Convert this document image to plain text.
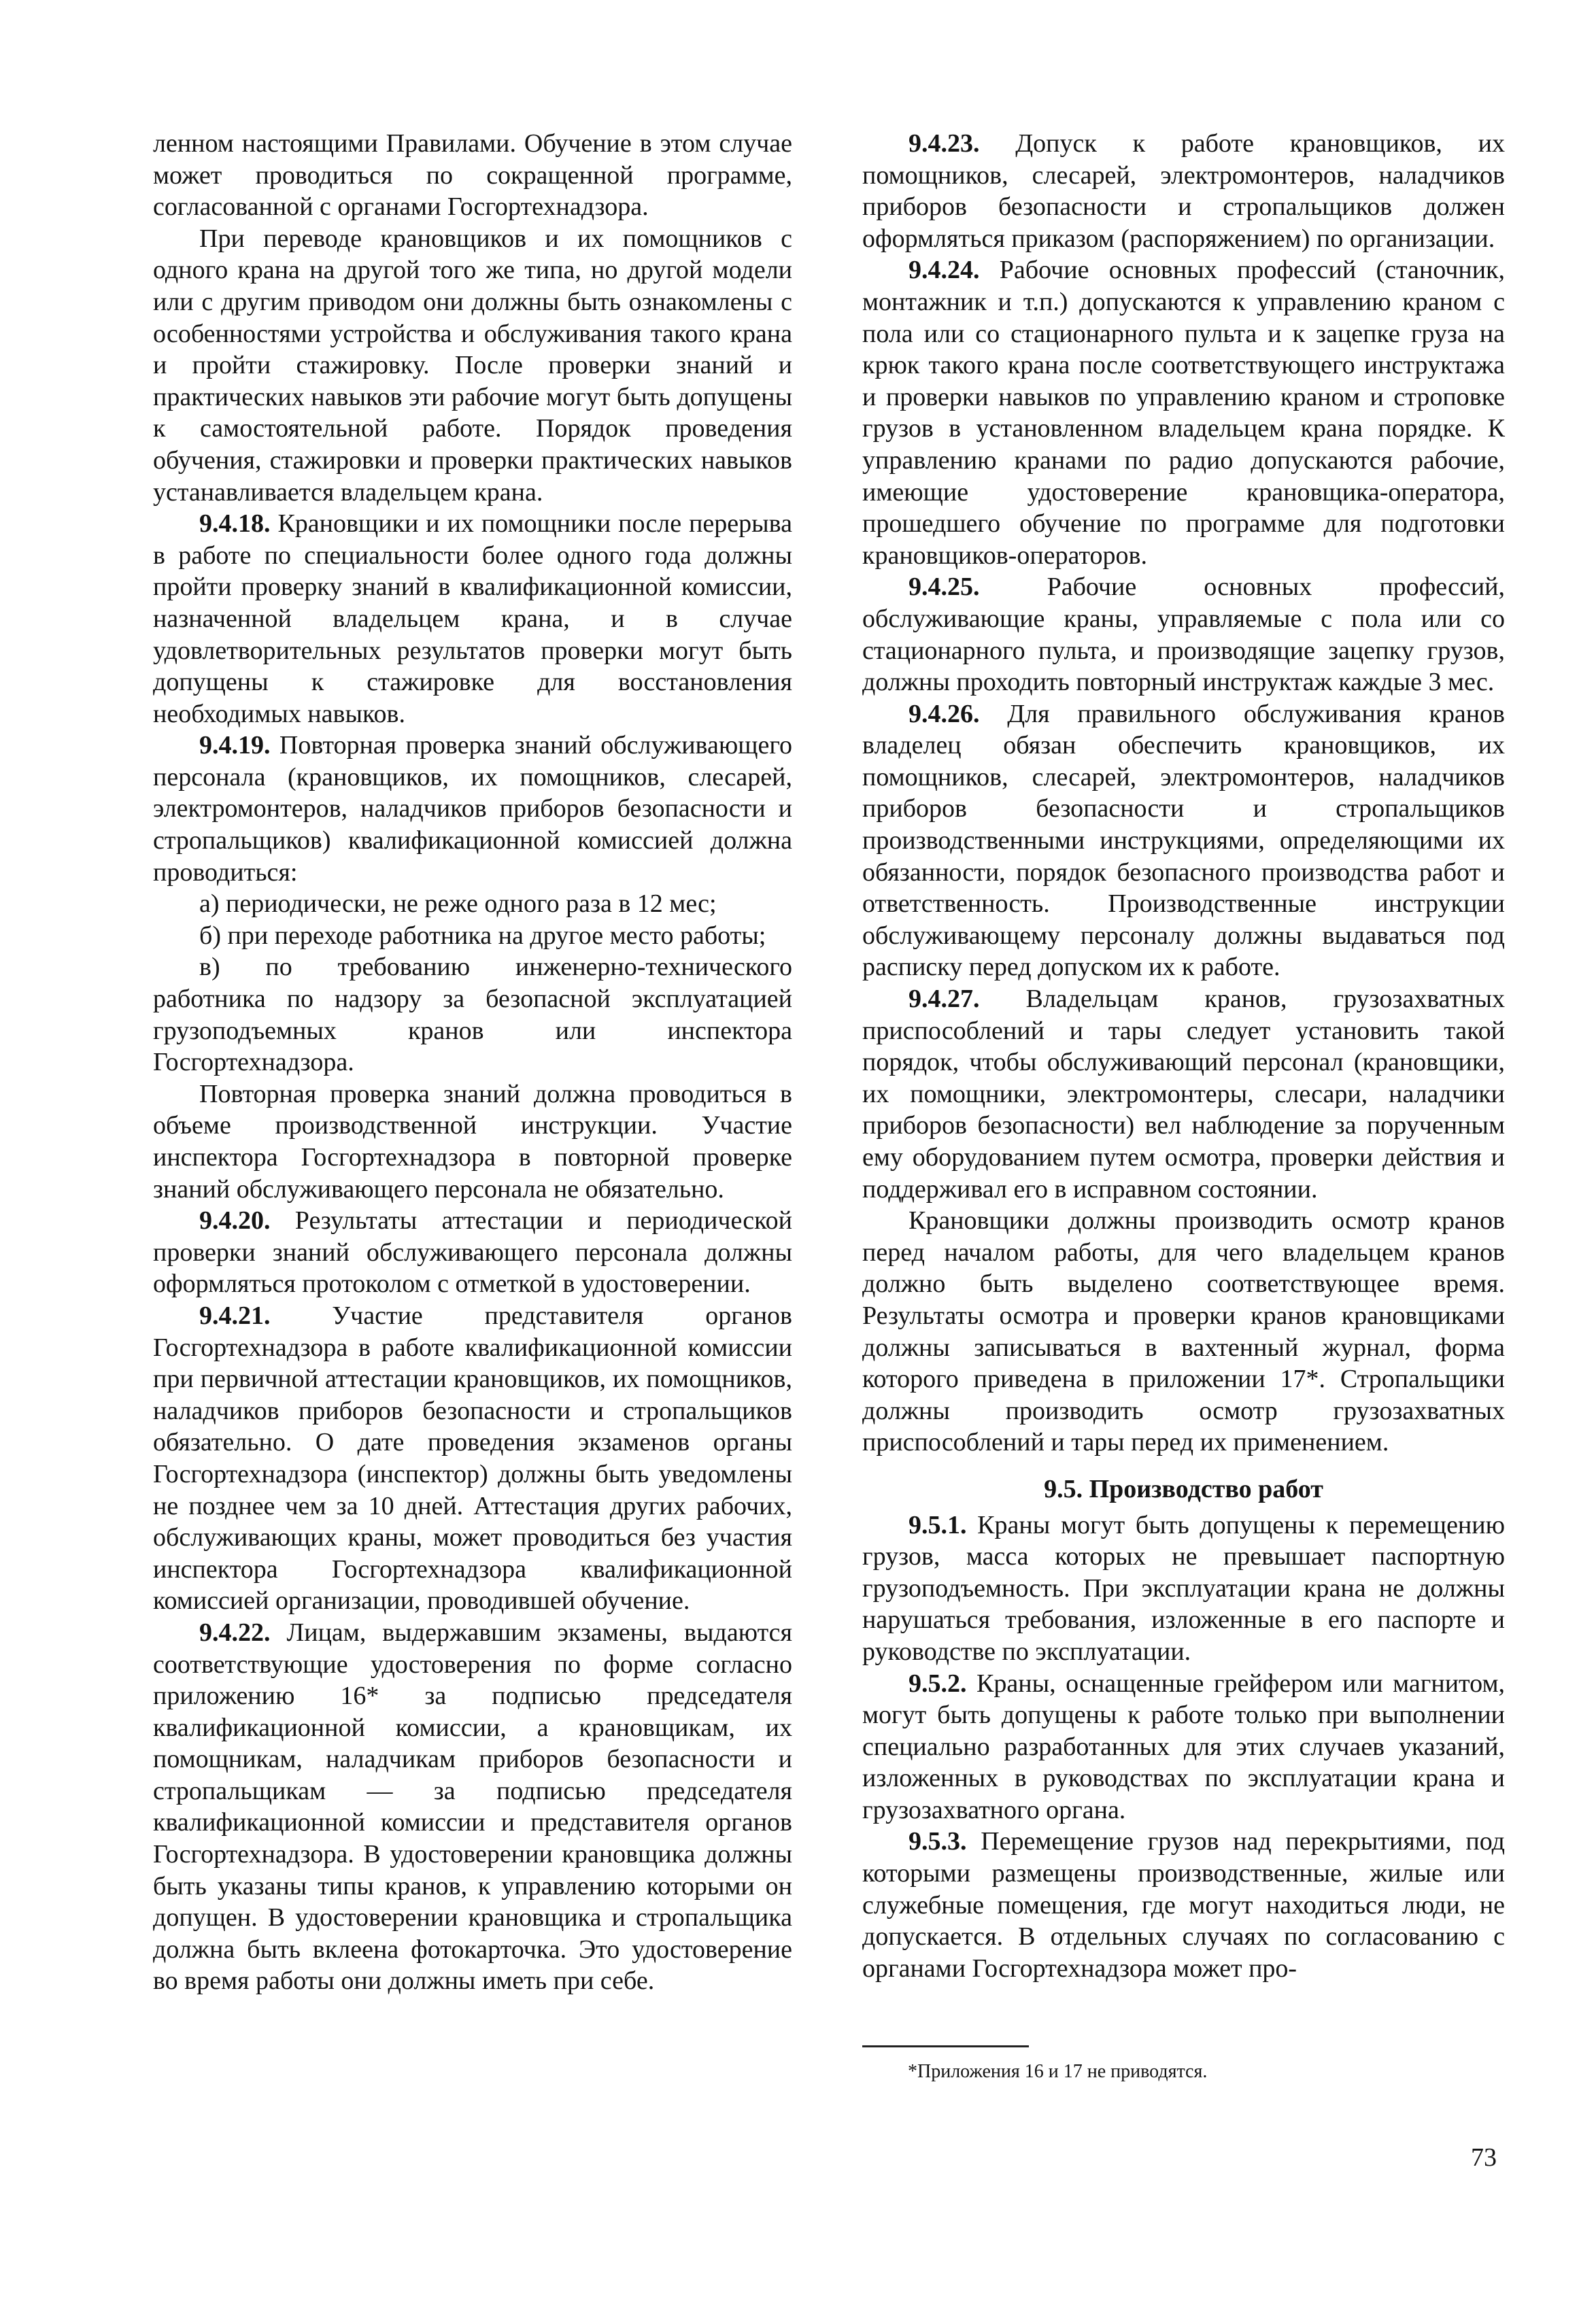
ленном настоящими Правилами. Обучение в этом случае может проводиться по сокращенной программе, согласованной с органами Госгортехнадзора.

При переводе крановщиков и их помощников с одного крана на другой того же типа, но другой модели или с другим приводом они должны быть ознакомлены с особенностями устройства и обслуживания такого крана и пройти стажировку. После проверки знаний и практических навыков эти рабочие могут быть допущены к самостоятельной работе. Порядок проведения обучения, стажировки и проверки практических навыков устанавливается владельцем крана.

9.4.18. Крановщики и их помощники после перерыва в работе по специальности более одного года должны пройти проверку знаний в квалификационной комиссии, назначенной владельцем крана, и в случае удовлетворительных результатов проверки могут быть допущены к стажировке для восстановления необходимых навыков.

9.4.19. Повторная проверка знаний обслуживающего персонала (крановщиков, их помощников, слесарей, электромонтеров, наладчиков приборов безопасности и стропальщиков) квалификационной комиссией должна проводиться:

а) периодически, не реже одного раза в 12 мес;

б) при переходе работника на другое место работы;

в) по требованию инженерно-технического работника по надзору за безопасной эксплуатацией грузоподъемных кранов или инспектора Госгортехнадзора.

Повторная проверка знаний должна проводиться в объеме производственной инструкции. Участие инспектора Госгортехнадзора в повторной проверке знаний обслуживающего персонала не обязательно.

9.4.20. Результаты аттестации и периодической проверки знаний обслуживающего персонала должны оформляться протоколом с отметкой в удостоверении.

9.4.21. Участие представителя органов Госгортехнадзора в работе квалификационной комиссии при первичной аттестации крановщиков, их помощников, наладчиков приборов безопасности и стропальщиков обязательно. О дате проведения экзаменов органы Госгортехнадзора (инспектор) должны быть уведомлены не позднее чем за 10 дней. Аттестация других рабочих, обслуживающих краны, может проводиться без участия инспектора Госгортехнадзора квалификационной комиссией организации, проводившей обучение.

9.4.22. Лицам, выдержавшим экзамены, выдаются соответствующие удостоверения по форме согласно приложению 16* за подписью председателя квалификационной комиссии, а крановщикам, их помощникам, наладчикам приборов безопасности и стропальщикам — за подписью председателя квалификационной комиссии и представителя органов Госгортехнадзора. В удостоверении крановщика должны быть указаны типы кранов, к управлению которыми он допущен. В удостоверении крановщика и стропальщика должна быть вклеена фотокарточка. Это удостоверение во время работы они должны иметь при себе.

9.4.23. Допуск к работе крановщиков, их помощников, слесарей, электромонтеров, наладчиков приборов безопасности и стропальщиков должен оформляться приказом (распоряжением) по организации.

9.4.24. Рабочие основных профессий (станочник, монтажник и т.п.) допускаются к управлению краном с пола или со стационарного пульта и к зацепке груза на крюк такого крана после соответствующего инструктажа и проверки навыков по управлению краном и строповке грузов в установленном владельцем крана порядке. К управлению кранами по радио допускаются рабочие, имеющие удостоверение крановщика-оператора, прошедшего обучение по программе для подготовки крановщиков-операторов.

9.4.25. Рабочие основных профессий, обслуживающие краны, управляемые с пола или со стационарного пульта, и производящие зацепку грузов, должны проходить повторный инструктаж каждые 3 мес.

9.4.26. Для правильного обслуживания кранов владелец обязан обеспечить крановщиков, их помощников, слесарей, электромонтеров, наладчиков приборов безопасности и стропальщиков производственными инструкциями, определяющими их обязанности, порядок безопасного производства работ и ответственность. Производственные инструкции обслуживающему персоналу должны выдаваться под расписку перед допуском их к работе.

9.4.27. Владельцам кранов, грузозахватных приспособлений и тары следует установить такой порядок, чтобы обслуживающий персонал (крановщики, их помощники, электромонтеры, слесари, наладчики приборов безопасности) вел наблюдение за порученным ему оборудованием путем осмотра, проверки действия и поддерживал его в исправном состоянии.

Крановщики должны производить осмотр кранов перед началом работы, для чего владельцем кранов должно быть выделено соответствующее время. Результаты осмотра и проверки кранов крановщиками должны записываться в вахтенный журнал, форма которого приведена в приложении 17*. Стропальщики должны производить осмотр грузозахватных приспособлений и тары перед их применением.

9.5. Производство работ

9.5.1. Краны могут быть допущены к перемещению грузов, масса которых не превышает паспортную грузоподъемность. При эксплуатации крана не должны нарушаться требования, изложенные в его паспорте и руководстве по эксплуатации.

9.5.2. Краны, оснащенные грейфером или магнитом, могут быть допущены к работе только при выполнении специально разработанных для этих случаев указаний, изложенных в руководствах по эксплуатации крана и грузозахватного органа.

9.5.3. Перемещение грузов над перекрытиями, под которыми размещены производственные, жилые или служебные помещения, где могут находиться люди, не допускается. В отдельных случаях по согласованию с органами Госгортехнадзора может про-

*Приложения 16 и 17 не приводятся.
73
